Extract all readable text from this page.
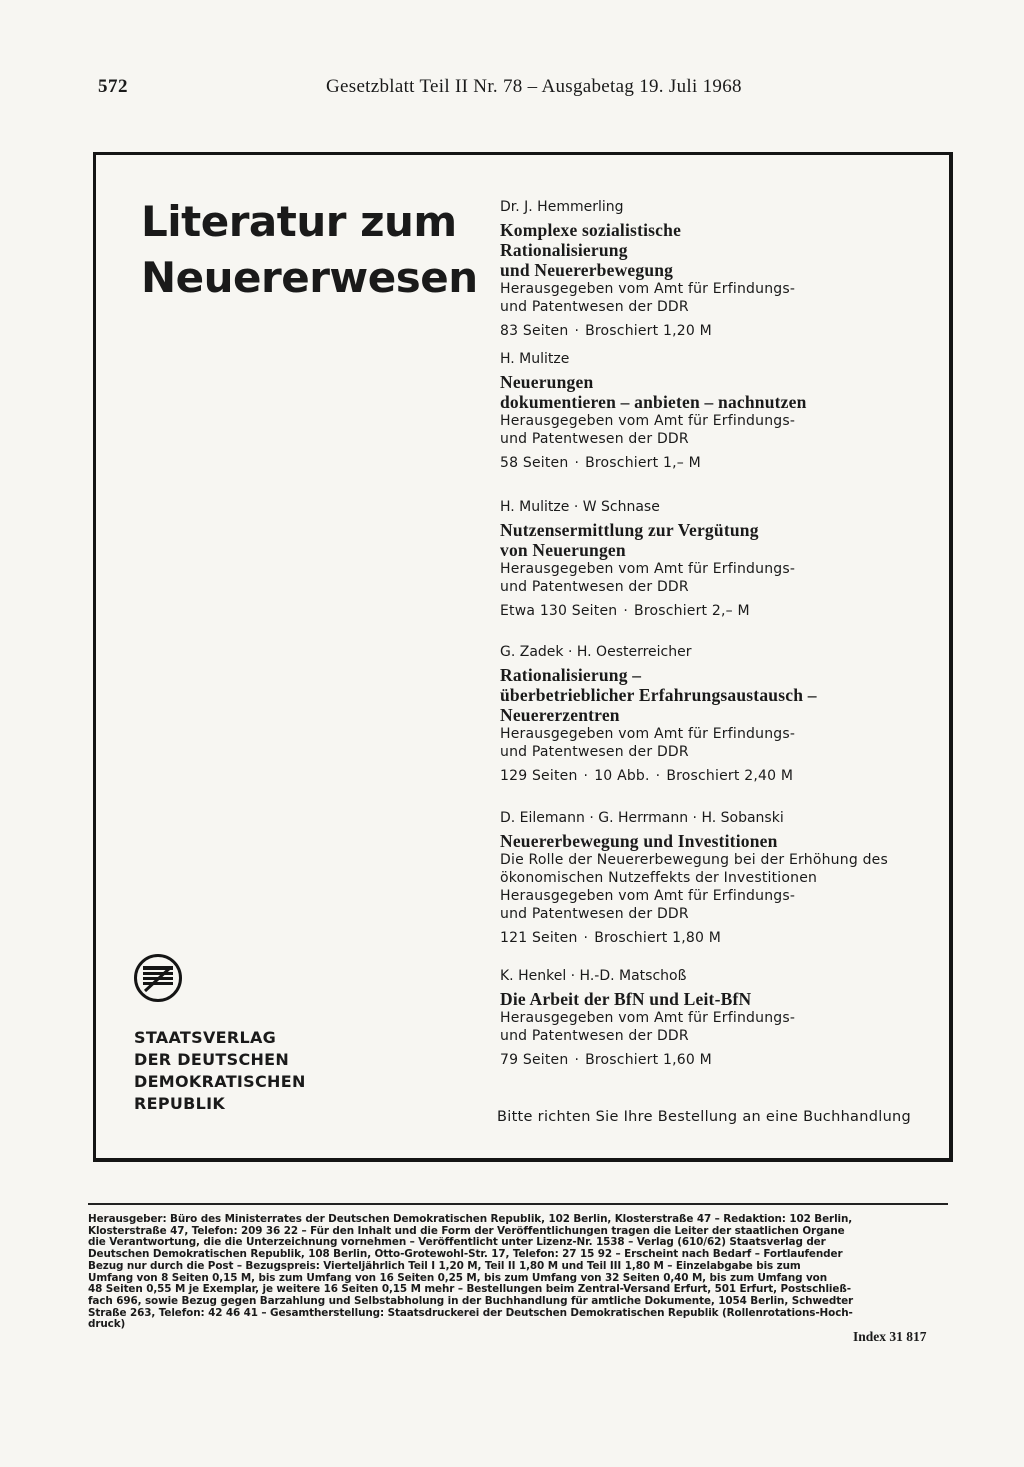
572	Gesetzblatt Teil II Nr. 78 – Ausgabetag 19. Juli 1968
Literatur zum
Neuererwesen
Dr. J. Hemmerling
Komplexe sozialistische
Rationalisierung
und Neuererbewegung
Herausgegeben vom Amt für Erfindungs-
und Patentwesen der DDR
83 Seiten · Broschiert 1,20 M
H. Mulitze
Neuerungen
dokumentieren – anbieten – nachnutzen
Herausgegeben vom Amt für Erfindungs-
und Patentwesen der DDR
58 Seiten · Broschiert 1,– M
H. Mulitze · W Schnase
Nutzensermittlung zur Vergütung
von Neuerungen
Herausgegeben vom Amt für Erfindungs-
und Patentwesen der DDR
Etwa 130 Seiten · Broschiert 2,– M
G. Zadek · H. Oesterreicher
Rationalisierung –
überbetrieblicher Erfahrungsaustausch –
Neuererzentren
Herausgegeben vom Amt für Erfindungs-
und Patentwesen der DDR
129 Seiten · 10 Abb. · Broschiert 2,40 M
D. Eilemann · G. Herrmann · H. Sobanski
Neuererbewegung und Investitionen
Die Rolle der Neuererbewegung bei der Erhöhung des
ökonomischen Nutzeffekts der Investitionen
Herausgegeben vom Amt für Erfindungs-
und Patentwesen der DDR
121 Seiten · Broschiert 1,80 M
K. Henkel · H.-D. Matschoß
Die Arbeit der BfN und Leit-BfN
Herausgegeben vom Amt für Erfindungs-
und Patentwesen der DDR
79 Seiten · Broschiert 1,60 M
STAATSVERLAG
DER DEUTSCHEN
DEMOKRATISCHEN
REPUBLIK
Bitte richten Sie Ihre Bestellung an eine Buchhandlung
Herausgeber: Büro des Ministerrates der Deutschen Demokratischen Republik, 102 Berlin, Klosterstraße 47 – Redaktion: 102 Berlin,
Klosterstraße 47, Telefon: 209 36 22 – Für den Inhalt und die Form der Veröffentlichungen tragen die Leiter der staatlichen Organe
die Verantwortung, die die Unterzeichnung vornehmen – Veröffentlicht unter Lizenz-Nr. 1538 – Verlag (610/62) Staatsverlag der
Deutschen Demokratischen Republik, 108 Berlin, Otto-Grotewohl-Str. 17, Telefon: 27 15 92 – Erscheint nach Bedarf – Fortlaufender
Bezug nur durch die Post – Bezugspreis: Vierteljährlich Teil I 1,20 M, Teil II 1,80 M und Teil III 1,80 M – Einzelabgabe bis zum
Umfang von 8 Seiten 0,15 M, bis zum Umfang von 16 Seiten 0,25 M, bis zum Umfang von 32 Seiten 0,40 M, bis zum Umfang von
48 Seiten 0,55 M je Exemplar, je weitere 16 Seiten 0,15 M mehr – Bestellungen beim Zentral-Versand Erfurt, 501 Erfurt, Postschließ-
fach 696, sowie Bezug gegen Barzahlung und Selbstabholung in der Buchhandlung für amtliche Dokumente, 1054 Berlin, Schwedter
Straße 263, Telefon: 42 46 41 – Gesamtherstellung: Staatsdruckerei der Deutschen Demokratischen Republik (Rollenrotations-Hoch-
druck)
Index 31 817
